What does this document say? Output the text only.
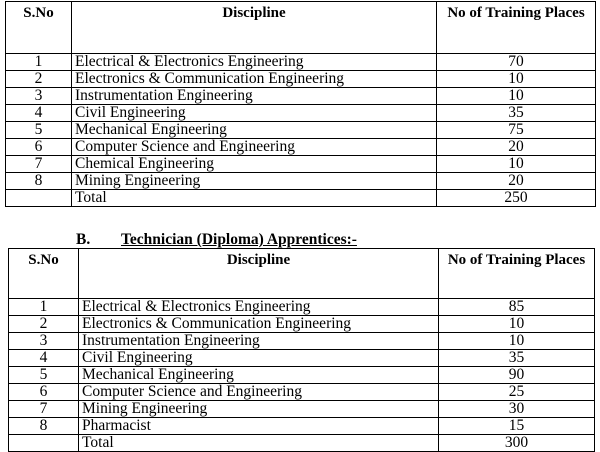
S.No	Discipline	No of Training Places
1	Electrical & Electronics Engineering	70
2	Electronics & Communication Engineering	10
3	Instrumentation Engineering	10
4	Civil Engineering	35
5	Mechanical Engineering	75
6	Computer Science and Engineering	20
7	Chemical Engineering	10
8	Mining Engineering	20
	Total	250
B. Technician (Diploma) Apprentices:-
S.No	Discipline	No of Training Places
1	Electrical & Electronics Engineering	85
2	Electronics & Communication Engineering	10
3	Instrumentation Engineering	10
4	Civil Engineering	35
5	Mechanical Engineering	90
6	Computer Science and Engineering	25
7	Mining Engineering	30
8	Pharmacist	15
	Total	300
